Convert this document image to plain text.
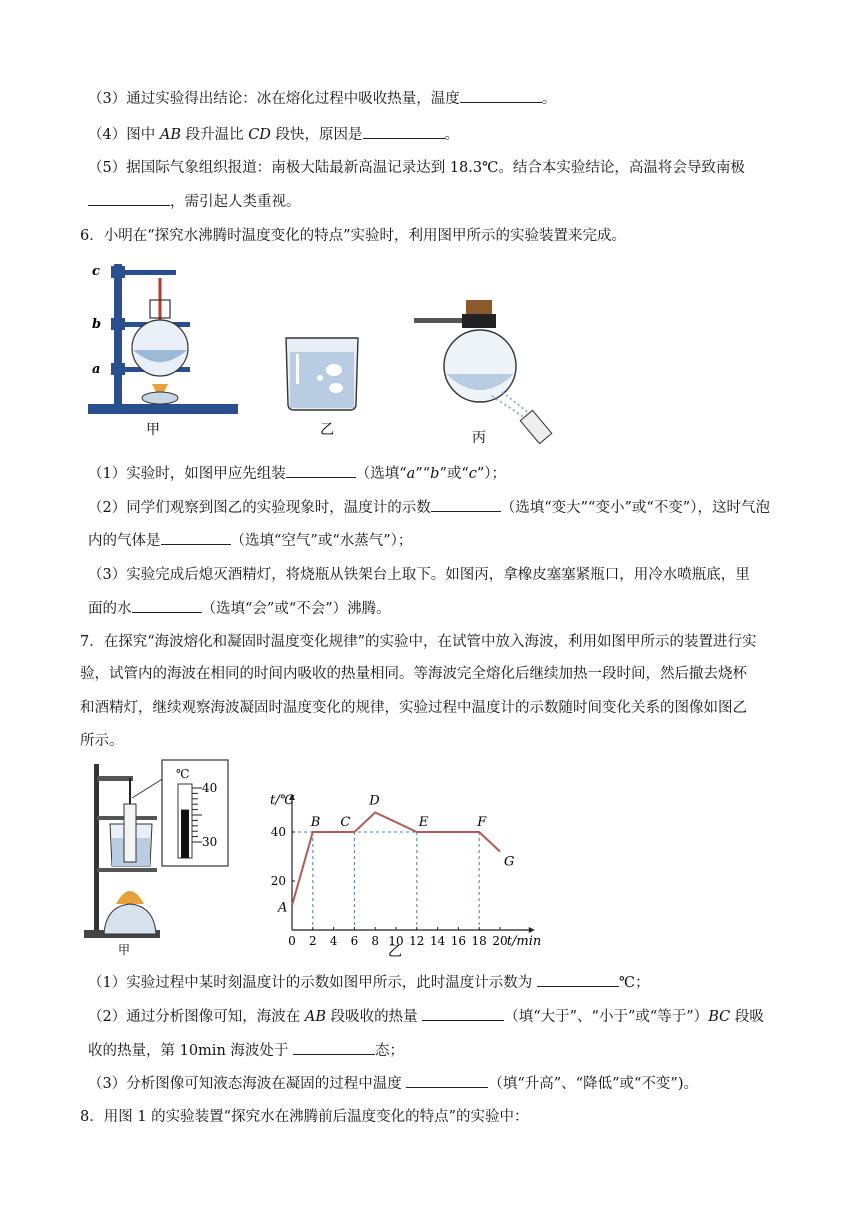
（3）通过实验得出结论：冰在熔化过程中吸收热量，温度	。
（4）图中 AB 段升温比 CD 段快，原因是	。
（5）据国际气象组织报道：南极大陆最新高温记录达到 18.3℃。结合本实验结论，高温将会导致南极
，需引起人类重视。
6．小明在“探究水沸腾时温度变化的特点”实验时，利用图甲所示的实验装置来完成。
c
b
a
甲	乙	丙
（1）实验时，如图甲应先组装	（选填“a”“b”或“c”）；
（2）同学们观察到图乙的实验现象时，温度计的示数	（选填“变大”“变小”或“不变”），这时气泡
内的气体是	（选填“空气”或“水蒸气”）；
（3）实验完成后熄灭酒精灯，将烧瓶从铁架台上取下。如图丙，拿橡皮塞塞紧瓶口，用冷水喷瓶底，里
面的水	（选填“会”或“不会”）沸腾。
7．在探究“海波熔化和凝固时温度变化规律”的实验中，在试管中放入海波，利用如图甲所示的装置进行实
验，试管内的海波在相同的时间内吸收的热量相同。等海波完全熔化后继续加热一段时间，然后撤去烧杯
和酒精灯，继续观察海波凝固时温度变化的规律，实验过程中温度计的示数随时间变化关系的图像如图乙
所示。
℃
40
30
甲
0 2 4 6 8 10 12 14 16 18 20
20
40
A
B C
D
E	F
G
t/℃
t/min
乙
（1）实验过程中某时刻温度计的示数如图甲所示，此时温度计示数为	℃；
（2）通过分析图像可知，海波在 AB 段吸收的热量	（填“大于”、“小于”或“等于”）BC 段吸
收的热量，第 10min 海波处于	态；
（3）分析图像可知液态海波在凝固的过程中温度	（填“升高”、“降低”或“不变”)。
8．用图 1 的实验装置“探究水在沸腾前后温度变化的特点”的实验中：
